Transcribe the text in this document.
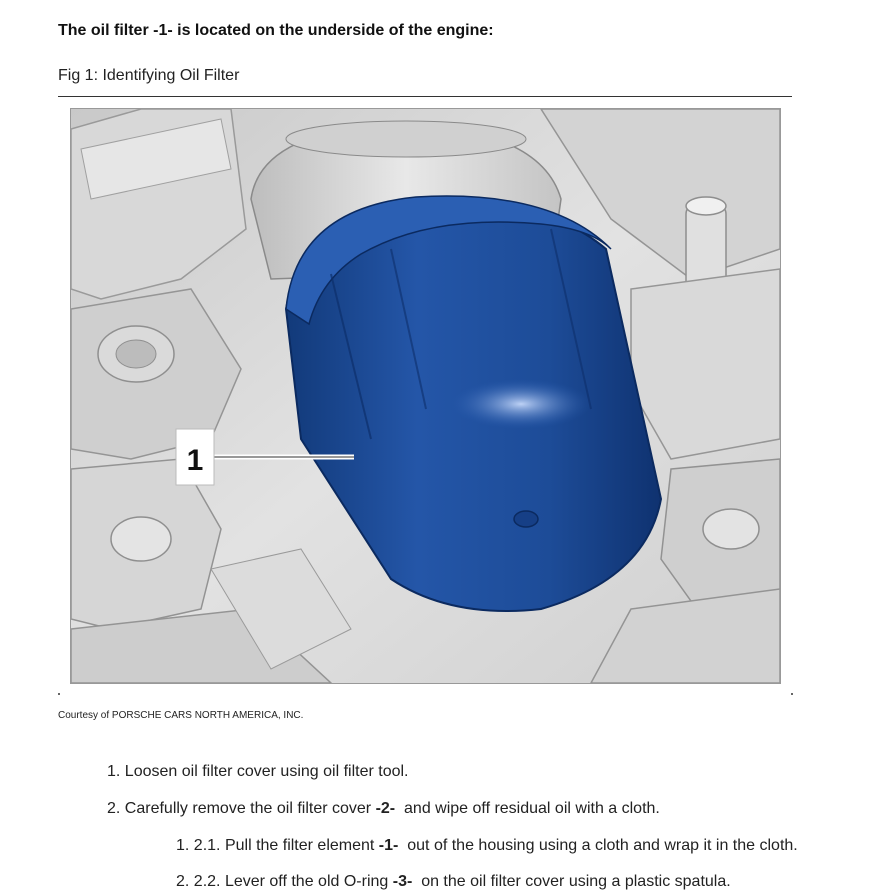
The oil filter -1- is located on the underside of the engine:
Fig 1: Identifying Oil Filter
1
Courtesy of PORSCHE CARS NORTH AMERICA, INC.
1. Loosen oil filter cover using oil filter tool.
2. Carefully remove the oil filter cover -2-  and wipe off residual oil with a cloth.
1. 2.1. Pull the filter element -1-  out of the housing using a cloth and wrap it in the cloth.
2. 2.2. Lever off the old O-ring -3-  on the oil filter cover using a plastic spatula.
